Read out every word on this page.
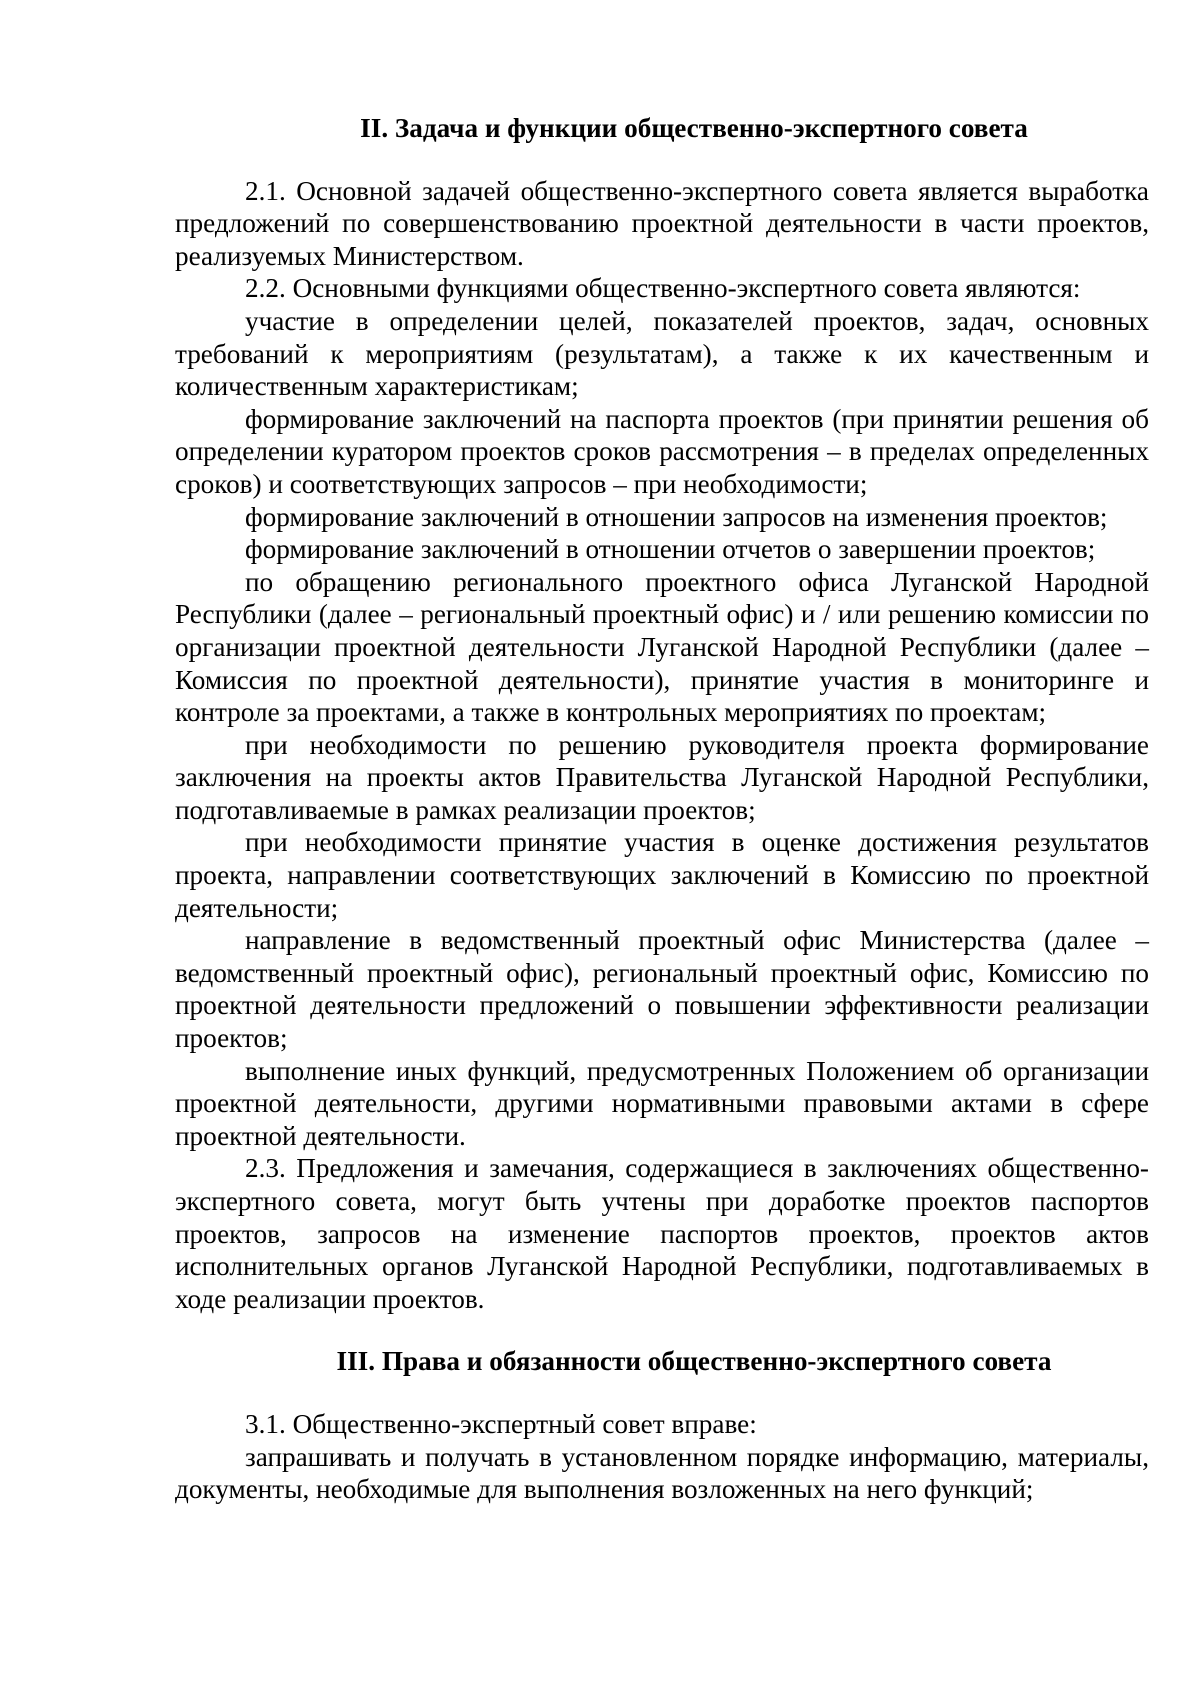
II. Задача и функции общественно-экспертного совета

2.1. Основной задачей общественно-экспертного совета является выработка предложений по совершенствованию проектной деятельности в части проектов, реализуемых Министерством.

2.2. Основными функциями общественно-экспертного совета являются:

участие в определении целей, показателей проектов, задач, основных требований к мероприятиям (результатам), а также к их качественным и количественным характеристикам;

формирование заключений на паспорта проектов (при принятии решения об определении куратором проектов сроков рассмотрения – в пределах определенных сроков) и соответствующих запросов – при необходимости;

формирование заключений в отношении запросов на изменения проектов;

формирование заключений в отношении отчетов о завершении проектов;

по обращению регионального проектного офиса Луганской Народной Республики (далее – региональный проектный офис) и / или решению комиссии по организации проектной деятельности Луганской Народной Республики (далее – Комиссия по проектной деятельности), принятие участия в мониторинге и контроле за проектами, а также в контрольных мероприятиях по проектам;

при необходимости по решению руководителя проекта формирование заключения на проекты актов Правительства Луганской Народной Республики, подготавливаемые в рамках реализации проектов;

при необходимости принятие участия в оценке достижения результатов проекта, направлении соответствующих заключений в Комиссию по проектной деятельности;

направление в ведомственный проектный офис Министерства (далее – ведомственный проектный офис), региональный проектный офис, Комиссию по проектной деятельности предложений о повышении эффективности реализации проектов;

выполнение иных функций, предусмотренных Положением об организации проектной деятельности, другими нормативными правовыми актами в сфере проектной деятельности.

2.3. Предложения и замечания, содержащиеся в заключениях общественно-экспертного совета, могут быть учтены при доработке проектов паспортов проектов, запросов на изменение паспортов проектов, проектов актов исполнительных органов Луганской Народной Республики, подготавливаемых в ходе реализации проектов.

III. Права и обязанности общественно-экспертного совета

3.1. Общественно-экспертный совет вправе:

запрашивать и получать в установленном порядке информацию, материалы, документы, необходимые для выполнения возложенных на него функций;
